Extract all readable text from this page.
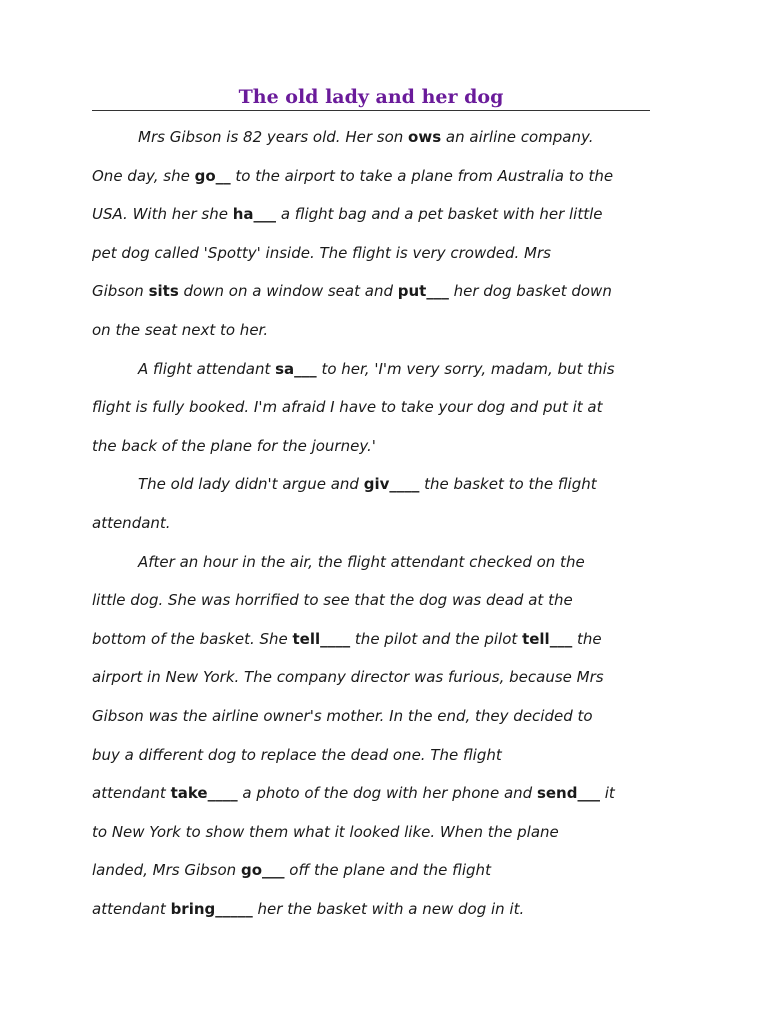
The old lady and her dog

Mrs Gibson is 82 years old. Her son ows an airline company.

One day, she go__ to the airport to take a plane from Australia to the

USA. With her she ha___ a flight bag and a pet basket with her little

pet dog called 'Spotty' inside. The flight is very crowded. Mrs

Gibson sits down on a window seat and put___ her dog basket down

on the seat next to her.

A flight attendant sa___ to her, 'I'm very sorry, madam, but this

flight is fully booked. I'm afraid I have to take your dog and put it at

the back of the plane for the journey.'

The old lady didn't argue and giv____ the basket to the flight

attendant.

After an hour in the air, the flight attendant checked on the

little dog. She was horrified to see that the dog was dead at the

bottom of the basket. She tell____ the pilot and the pilot tell___ the

airport in New York. The company director was furious, because Mrs

Gibson was the airline owner's mother. In the end, they decided to

buy a different dog to replace the dead one. The flight

attendant take____ a photo of the dog with her phone and send___ it

to New York to show them what it looked like. When the plane

landed, Mrs Gibson go___ off the plane and the flight

attendant bring_____ her the basket with a new dog in it.
